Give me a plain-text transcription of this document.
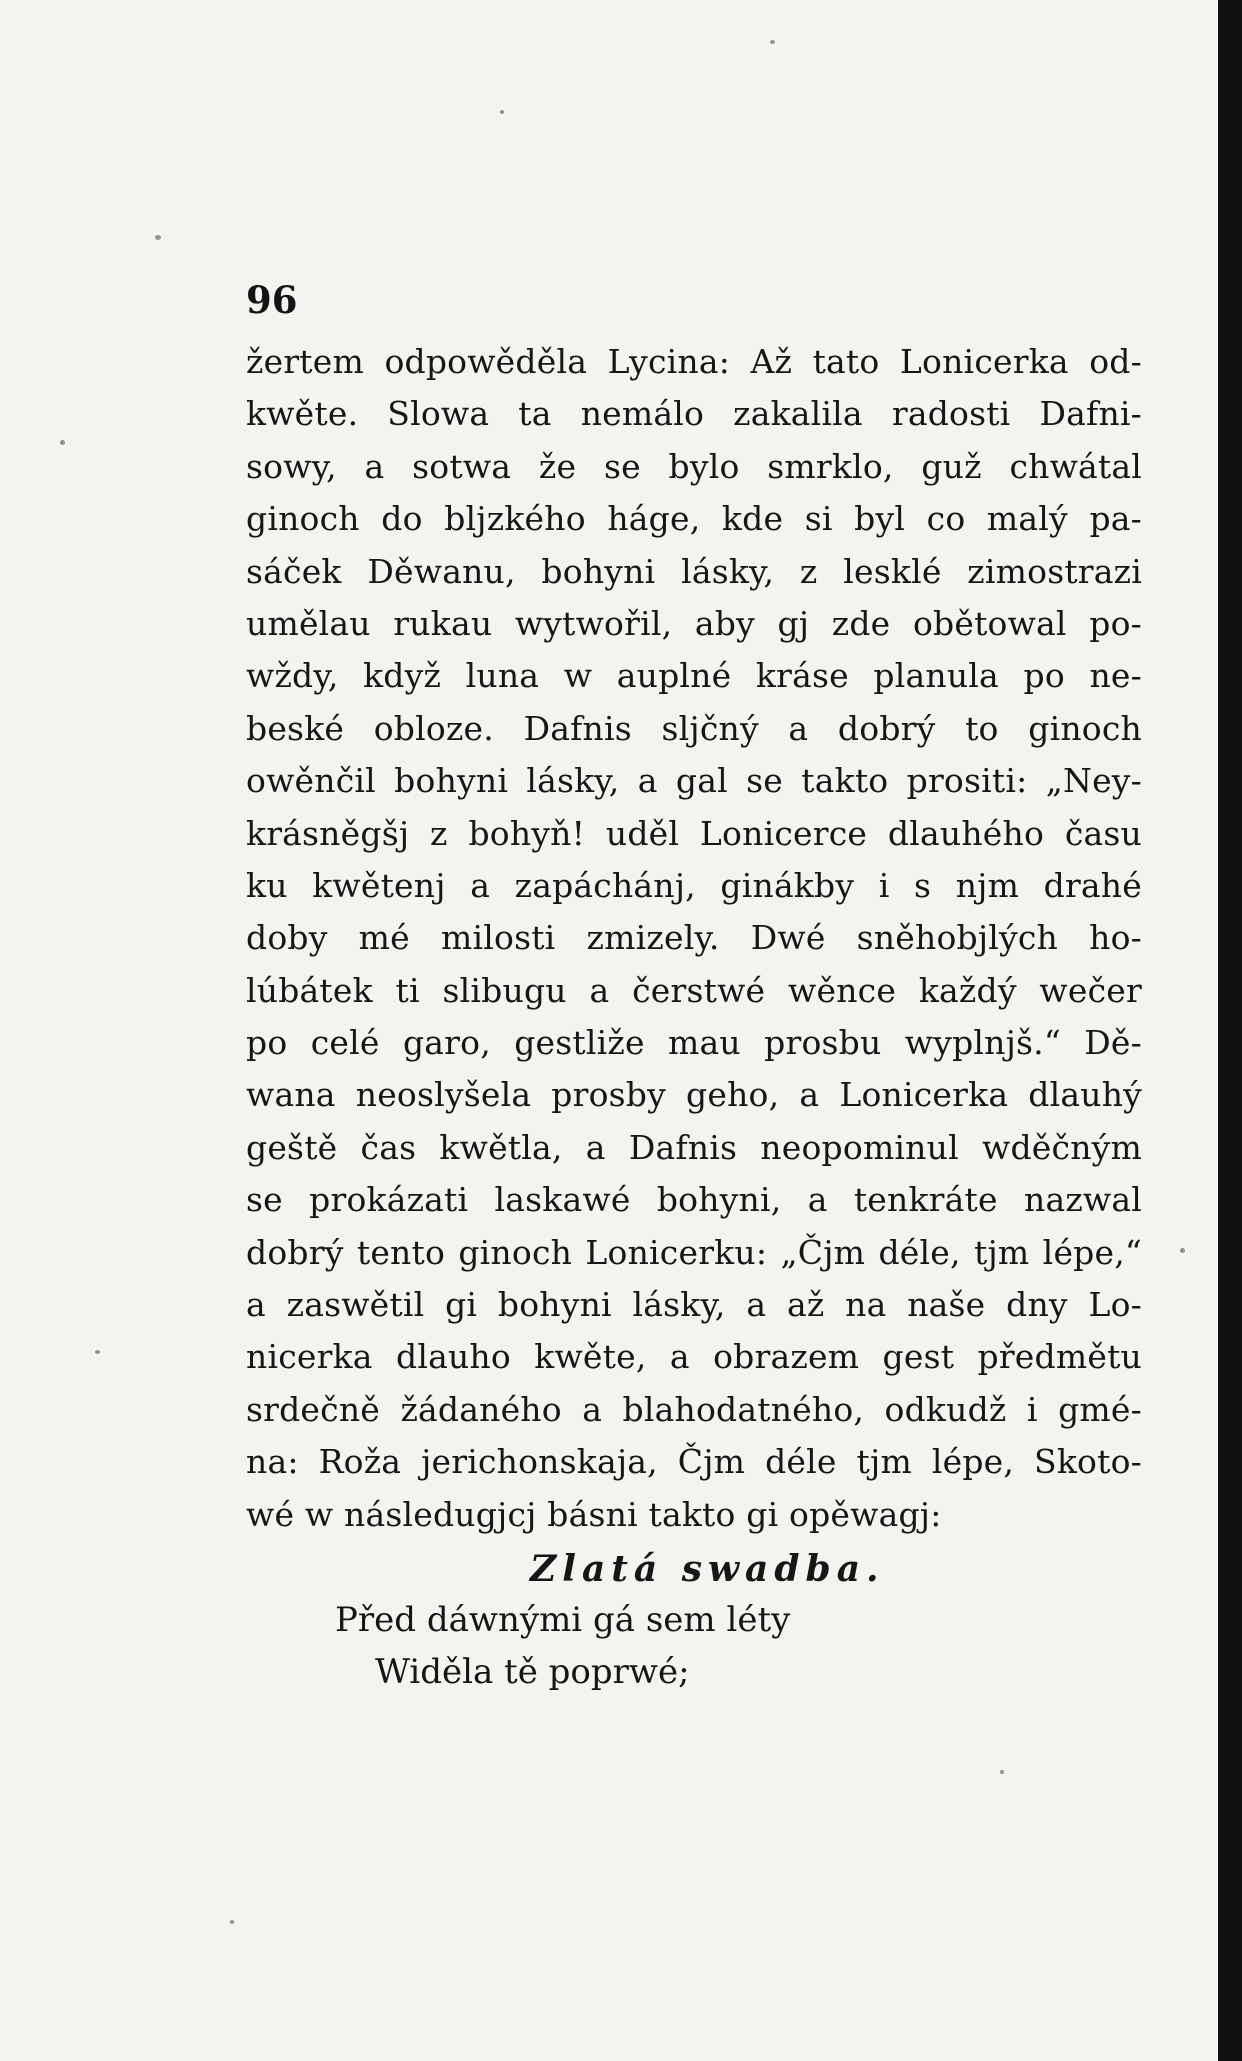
96
žertem odpowěděla Lycina: Až tato Lonicerka od-
kwěte. Slowa ta nemálo zakalila radosti Dafni-
sowy, a sotwa že se bylo smrklo, guž chwátal
ginoch do bljzkého háge, kde si byl co malý pa-
sáček Děwanu, bohyni lásky, z lesklé zimostrazi
umělau rukau wytwořil, aby gj zde obětowal po-
wždy, když luna w auplné kráse planula po ne-
beské obloze. Dafnis sljčný a dobrý to ginoch
owěnčil bohyni lásky, a gal se takto prositi: „Ney-
krásněgšj z bohyň! uděl Lonicerce dlauhého času
ku kwětenj a zapáchánj, ginákby i s njm drahé
doby mé milosti zmizely. Dwé sněhobjlých ho-
lúbátek ti slibugu a čerstwé wěnce každý wečer
po celé garo, gestliže mau prosbu wyplnjš.“ Dě-
wana neoslyšela prosby geho, a Lonicerka dlauhý
geště čas kwětla, a Dafnis neopominul wděčným
se prokázati laskawé bohyni, a tenkráte nazwal
dobrý tento ginoch Lonicerku: „Čjm déle, tjm lépe,“
a zaswětil gi bohyni lásky, a až na naše dny Lo-
nicerka dlauho kwěte, a obrazem gest předmětu
srdečně žádaného a blahodatného, odkudž i gmé-
na: Roža jerichonskaja, Čjm déle tjm lépe, Skoto-
wé w následugjcj básni takto gi opěwagj:
Zlatá swadba.
Před dáwnými gá sem léty
Widěla tě poprwé;
